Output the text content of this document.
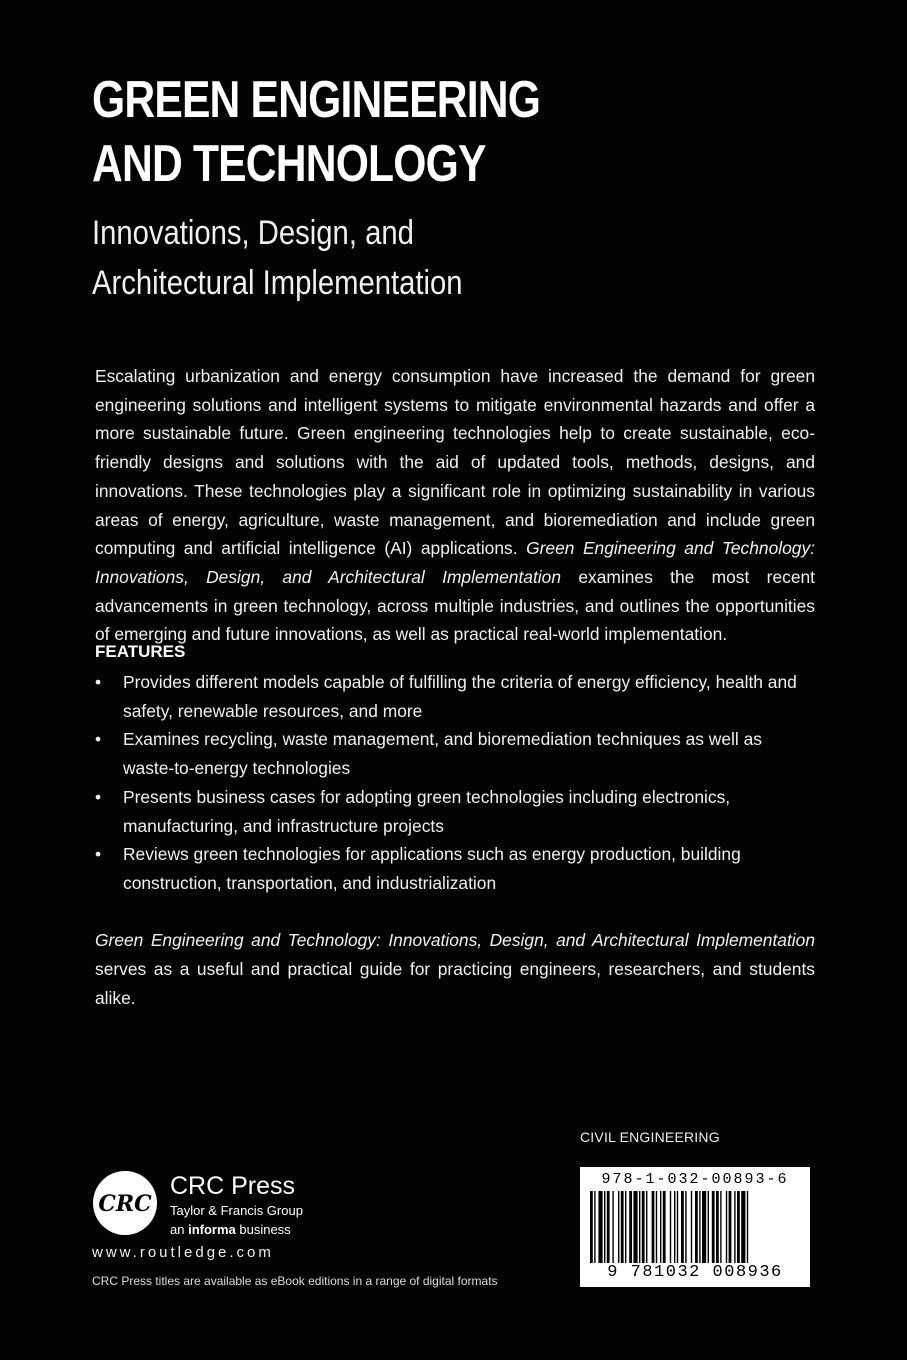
GREEN ENGINEERING
AND TECHNOLOGY
Innovations, Design, and
Architectural Implementation

Escalating urbanization and energy consumption have increased the demand for green engineering solutions and intelligent systems to mitigate environmental hazards and offer a more sustainable future. Green engineering technologies help to create sustainable, eco-friendly designs and solutions with the aid of updated tools, methods, designs, and innovations. These technologies play a significant role in optimizing sustainability in various areas of energy, agriculture, waste management, and bioremediation and include green computing and artificial intelligence (AI) applications. Green Engineering and Technology: Innovations, Design, and Architectural Implementation examines the most recent advancements in green technology, across multiple industries, and outlines the opportunities of emerging and future innovations, as well as practical real-world implementation.

FEATURES
• Provides different models capable of fulfilling the criteria of energy efficiency, health and safety, renewable resources, and more
• Examines recycling, waste management, and bioremediation techniques as well as waste-to-energy technologies
• Presents business cases for adopting green technologies including electronics, manufacturing, and infrastructure projects
• Reviews green technologies for applications such as energy production, building construction, transportation, and industrialization

Green Engineering and Technology: Innovations, Design, and Architectural Implementation serves as a useful and practical guide for practicing engineers, researchers, and students alike.

CIVIL ENGINEERING
978-1-032-00893-6
9 781032 008936
CRC
CRC Press
Taylor & Francis Group
an informa business
www.routledge.com
CRC Press titles are available as eBook editions in a range of digital formats
